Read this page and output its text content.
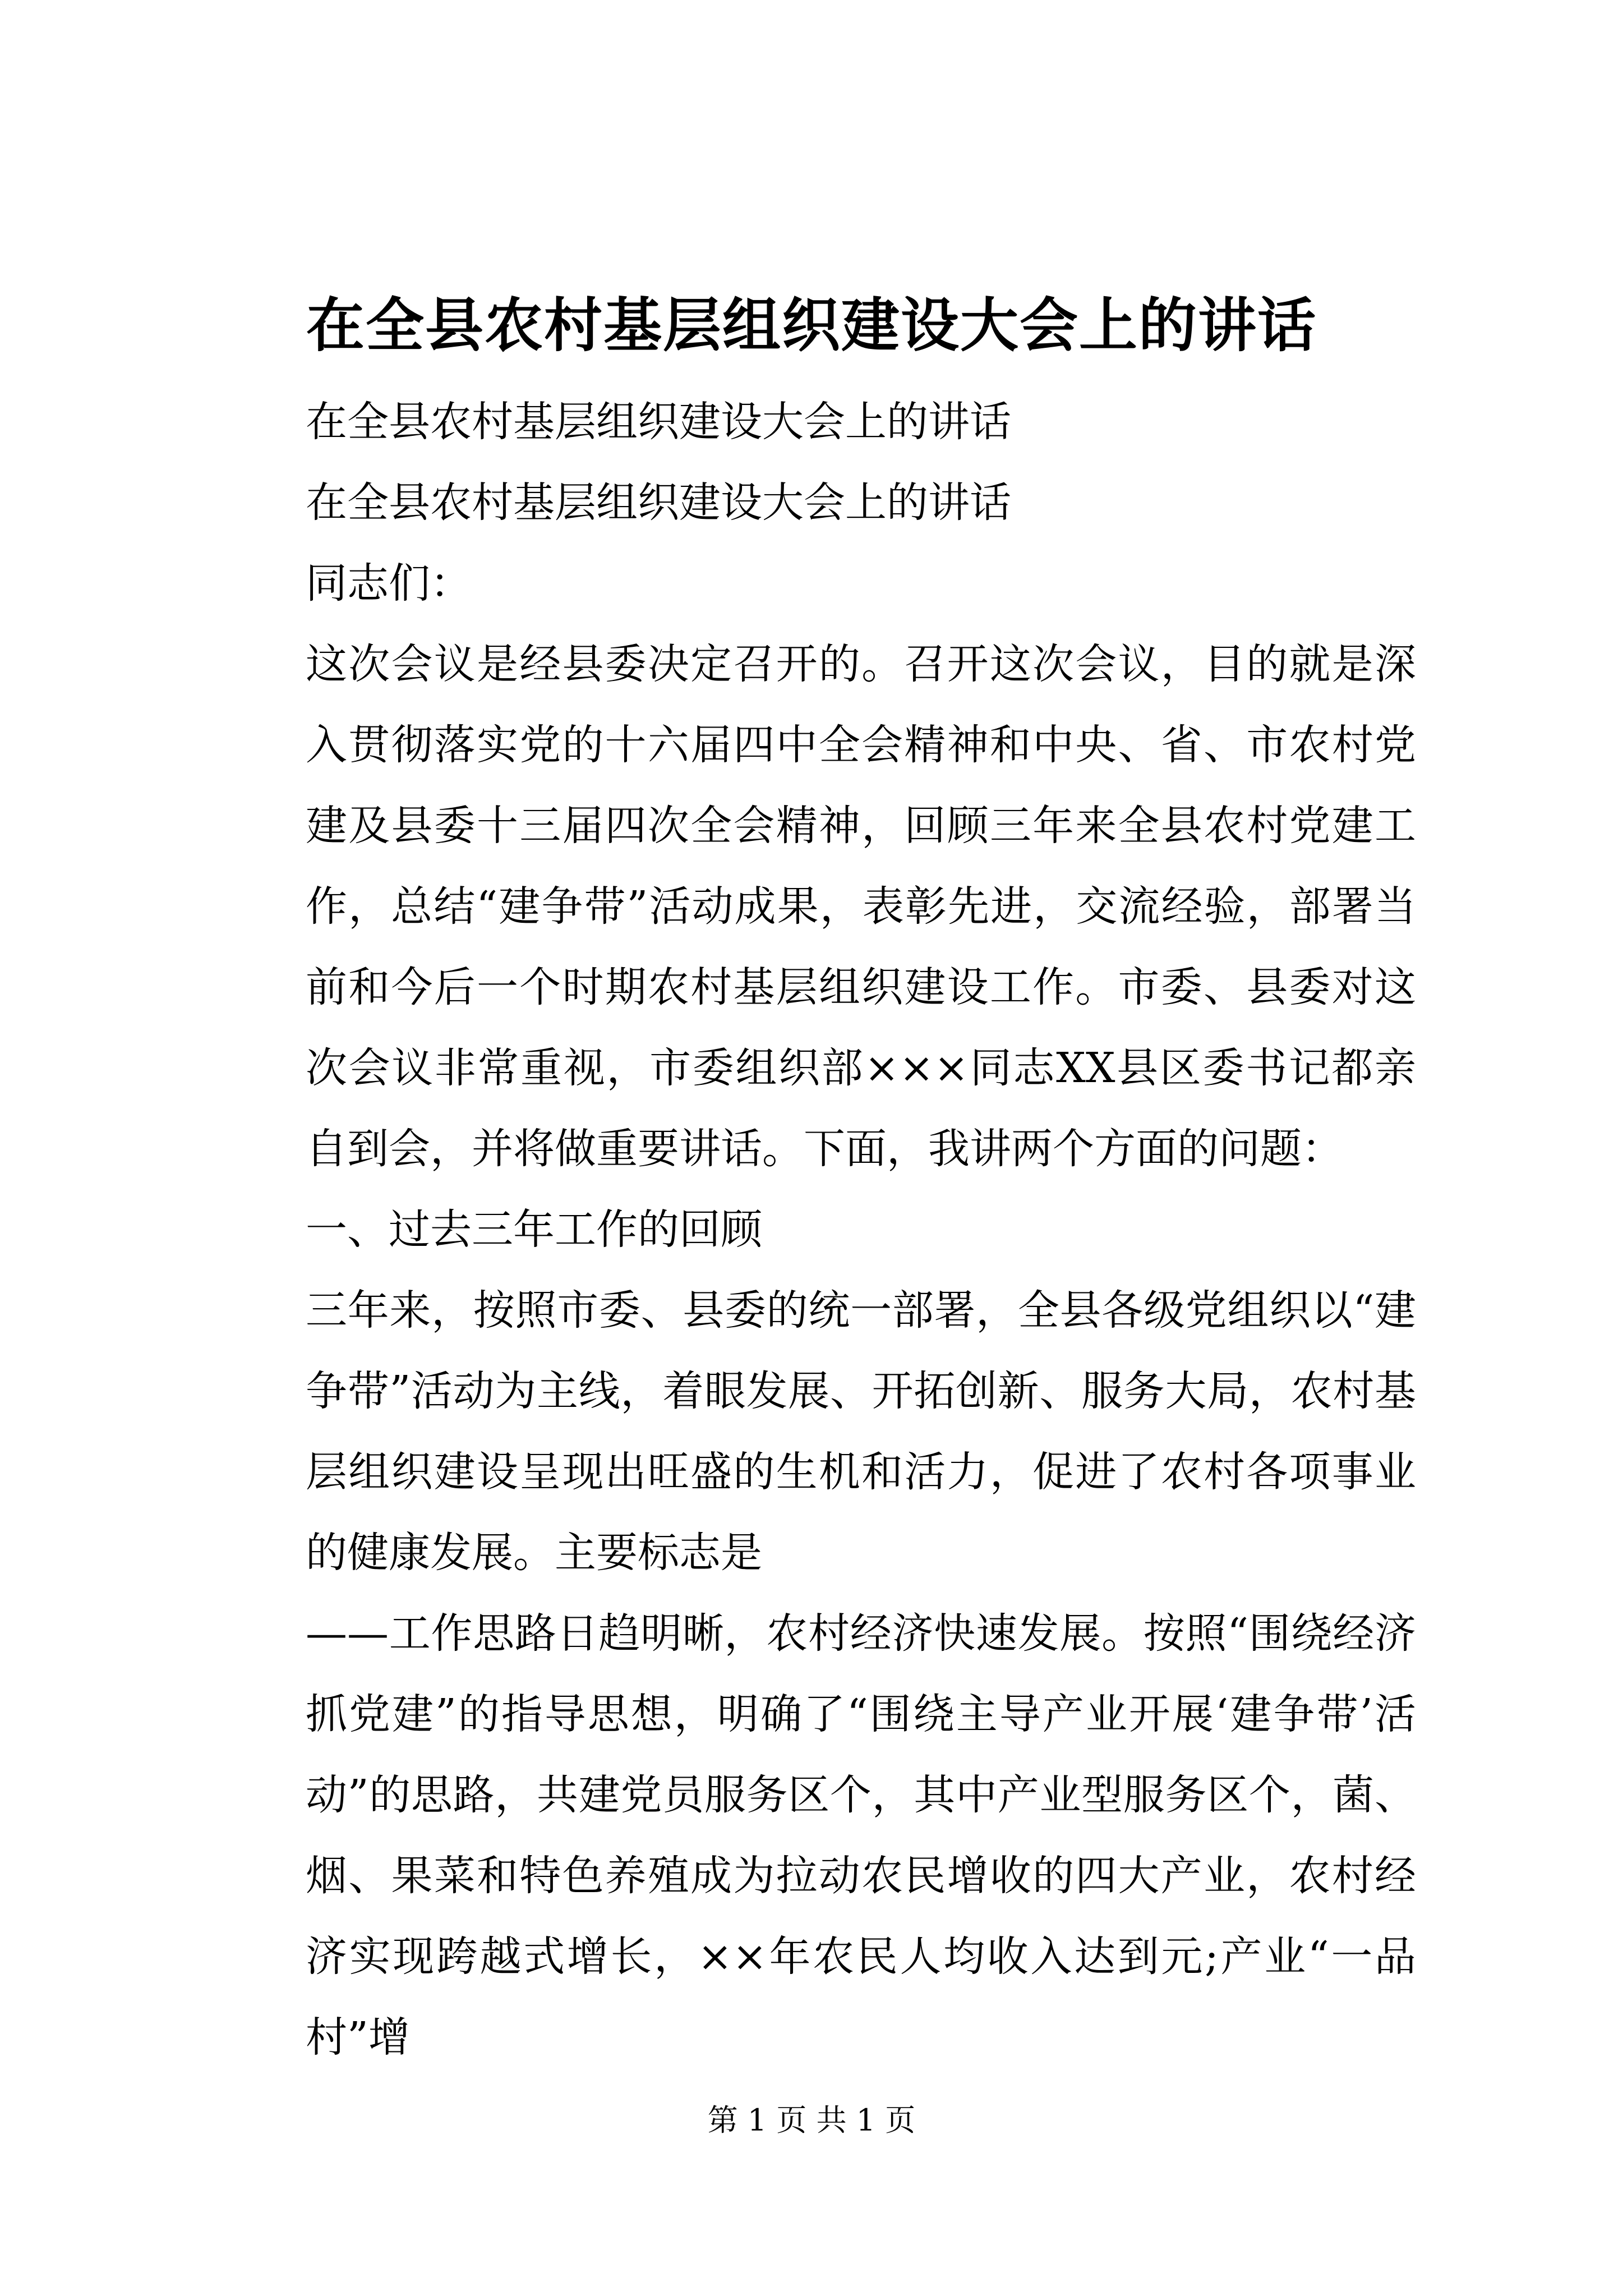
在全县农村基层组织建设大会上的讲话

在全县农村基层组织建设大会上的讲话

在全县农村基层组织建设大会上的讲话

同志们：

这次会议是经县委决定召开的。召开这次会议，目的就是深入贯彻落实党的十六届四中全会精神和中央、省、市农村党建及县委十三届四次全会精神，回顾三年来全县农村党建工作，总结“建争带”活动成果，表彰先进，交流经验，部署当前和今后一个时期农村基层组织建设工作。市委、县委对这次会议非常重视，市委组织部×××同志XX县区委书记都亲自到会，并将做重要讲话。下面，我讲两个方面的问题：

一、过去三年工作的回顾

三年来，按照市委、县委的统一部署，全县各级党组织以“建争带”活动为主线，着眼发展、开拓创新、服务大局，农村基层组织建设呈现出旺盛的生机和活力，促进了农村各项事业的健康发展。主要标志是

——工作思路日趋明晰，农村经济快速发展。按照“围绕经济抓党建”的指导思想，明确了“围绕主导产业开展‘建争带’活动”的思路，共建党员服务区个，其中产业型服务区个，菌、烟、果菜和特色养殖成为拉动农民增收的四大产业，农村经济实现跨越式增长，××年农民人均收入达到元;产业“一品村”增

第 1 页 共 1 页
